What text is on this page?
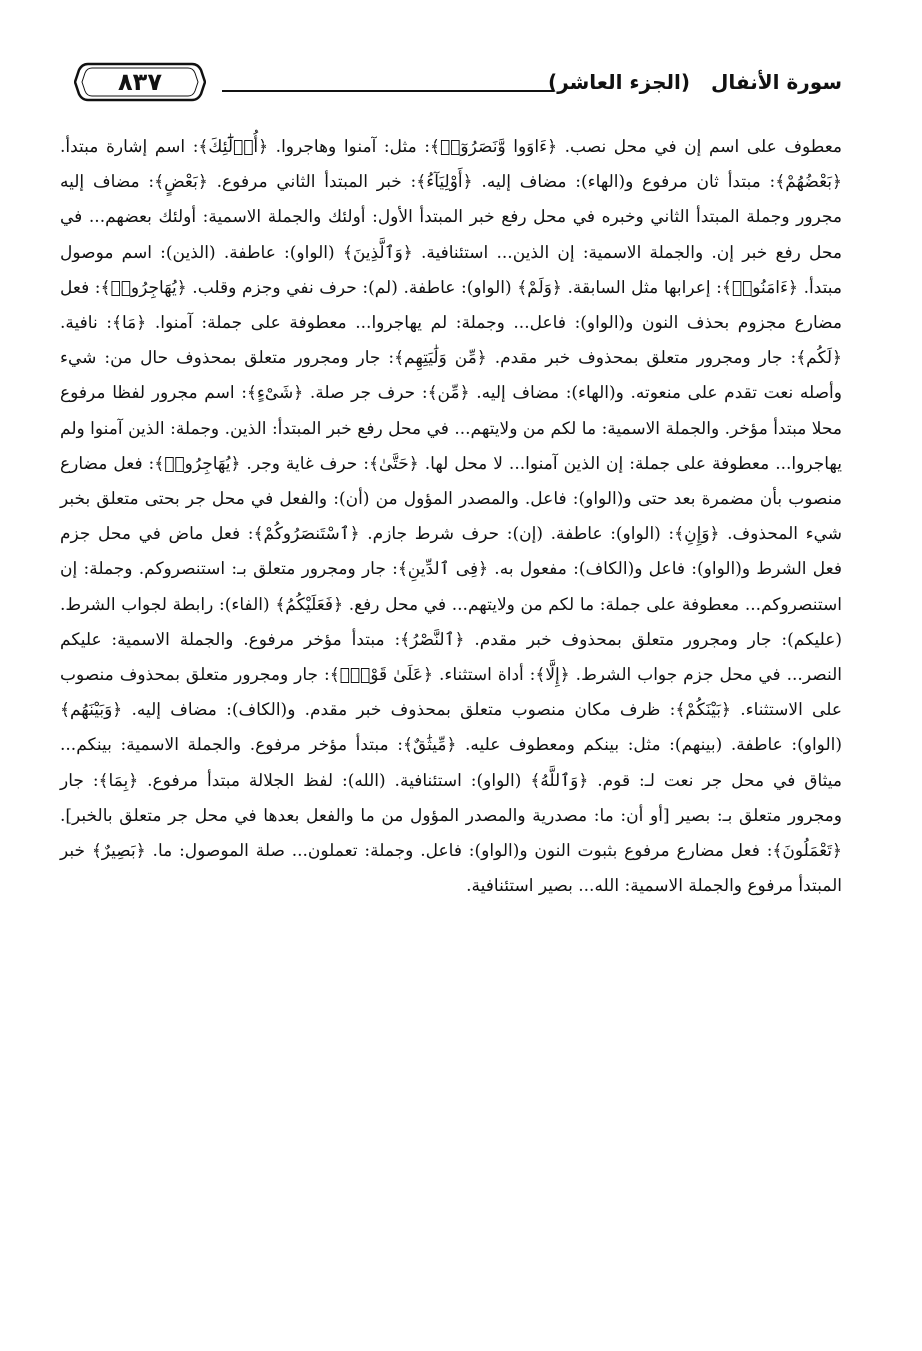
سورة الأنفال (الجزء العاشر)
٨٣٧

معطوف على اسم إن في محل نصب. ﴿ءَاوَوا وَّنَصَرُوٓا۟﴾: مثل: آمنوا وهاجروا. ﴿أُو۟لَٰٓئِكَ﴾: اسم إشارة مبتدأ. ﴿بَعْضُهُمْ﴾: مبتدأ ثان مرفوع و(الهاء): مضاف إليه. ﴿أَوْلِيَآءُ﴾: خبر المبتدأ الثاني مرفوع. ﴿بَعْضٍ﴾: مضاف إليه مجرور وجملة المبتدأ الثاني وخبره في محل رفع خبر المبتدأ الأول: أولئك والجملة الاسمية: أولئك بعضهم... في محل رفع خبر إن. والجملة الاسمية: إن الذين... استئنافية. ﴿وَٱلَّذِينَ﴾ (الواو): عاطفة. (الذين): اسم موصول مبتدأ. ﴿ءَامَنُوا۟﴾: إعرابها مثل السابقة. ﴿وَلَمْ﴾ (الواو): عاطفة. (لم): حرف نفي وجزم وقلب. ﴿يُهَاجِرُوا۟﴾: فعل مضارع مجزوم بحذف النون و(الواو): فاعل... وجملة: لم يهاجروا... معطوفة على جملة: آمنوا. ﴿مَا﴾: نافية. ﴿لَكُم﴾: جار ومجرور متعلق بمحذوف خبر مقدم. ﴿مِّن وَلَٰيَتِهِم﴾: جار ومجرور متعلق بمحذوف حال من: شيء وأصله نعت تقدم على منعوته. و(الهاء): مضاف إليه. ﴿مِّن﴾: حرف جر صلة. ﴿شَىْءٍ﴾: اسم مجرور لفظا مرفوع محلا مبتدأ مؤخر. والجملة الاسمية: ما لكم من ولايتهم... في محل رفع خبر المبتدأ: الذين. وجملة: الذين آمنوا ولم يهاجروا... معطوفة على جملة: إن الذين آمنوا... لا محل لها. ﴿حَتَّىٰ﴾: حرف غاية وجر. ﴿يُهَاجِرُوا۟﴾: فعل مضارع منصوب بأن مضمرة بعد حتى و(الواو): فاعل. والمصدر المؤول من (أن): والفعل في محل جر بحتى متعلق بخبر شيء المحذوف. ﴿وَإِنِ﴾: (الواو): عاطفة. (إن): حرف شرط جازم. ﴿ٱسْتَنصَرُوكُمْ﴾: فعل ماض في محل جزم فعل الشرط و(الواو): فاعل و(الكاف): مفعول به. ﴿فِى ٱلدِّينِ﴾: جار ومجرور متعلق بـ: استنصروكم. وجملة: إن استنصروكم... معطوفة على جملة: ما لكم من ولايتهم... في محل رفع. ﴿فَعَلَيْكُمُ﴾ (الفاء): رابطة لجواب الشرط. (عليكم): جار ومجرور متعلق بمحذوف خبر مقدم. ﴿ٱلنَّصْرُ﴾: مبتدأ مؤخر مرفوع. والجملة الاسمية: عليكم النصر... في محل جزم جواب الشرط. ﴿إِلَّا﴾: أداة استثناء. ﴿عَلَىٰ قَوْمٍۭ﴾: جار ومجرور متعلق بمحذوف منصوب على الاستثناء. ﴿بَيْنَكُمْ﴾: ظرف مكان منصوب متعلق بمحذوف خبر مقدم. و(الكاف): مضاف إليه. ﴿وَبَيْنَهُم﴾ (الواو): عاطفة. (بينهم): مثل: بينكم ومعطوف عليه. ﴿مِّيثَٰقٌ﴾: مبتدأ مؤخر مرفوع. والجملة الاسمية: بينكم... ميثاق في محل جر نعت لـ: قوم. ﴿وَٱللَّهُ﴾ (الواو): استئنافية. (الله): لفظ الجلالة مبتدأ مرفوع. ﴿بِمَا﴾: جار ومجرور متعلق بـ: بصير [أو أن: ما: مصدرية والمصدر المؤول من ما والفعل بعدها في محل جر متعلق بالخبر]. ﴿تَعْمَلُونَ﴾: فعل مضارع مرفوع بثبوت النون و(الواو): فاعل. وجملة: تعملون... صلة الموصول: ما. ﴿بَصِيرٌ﴾ خبر المبتدأ مرفوع والجملة الاسمية: الله... بصير استئنافية.
